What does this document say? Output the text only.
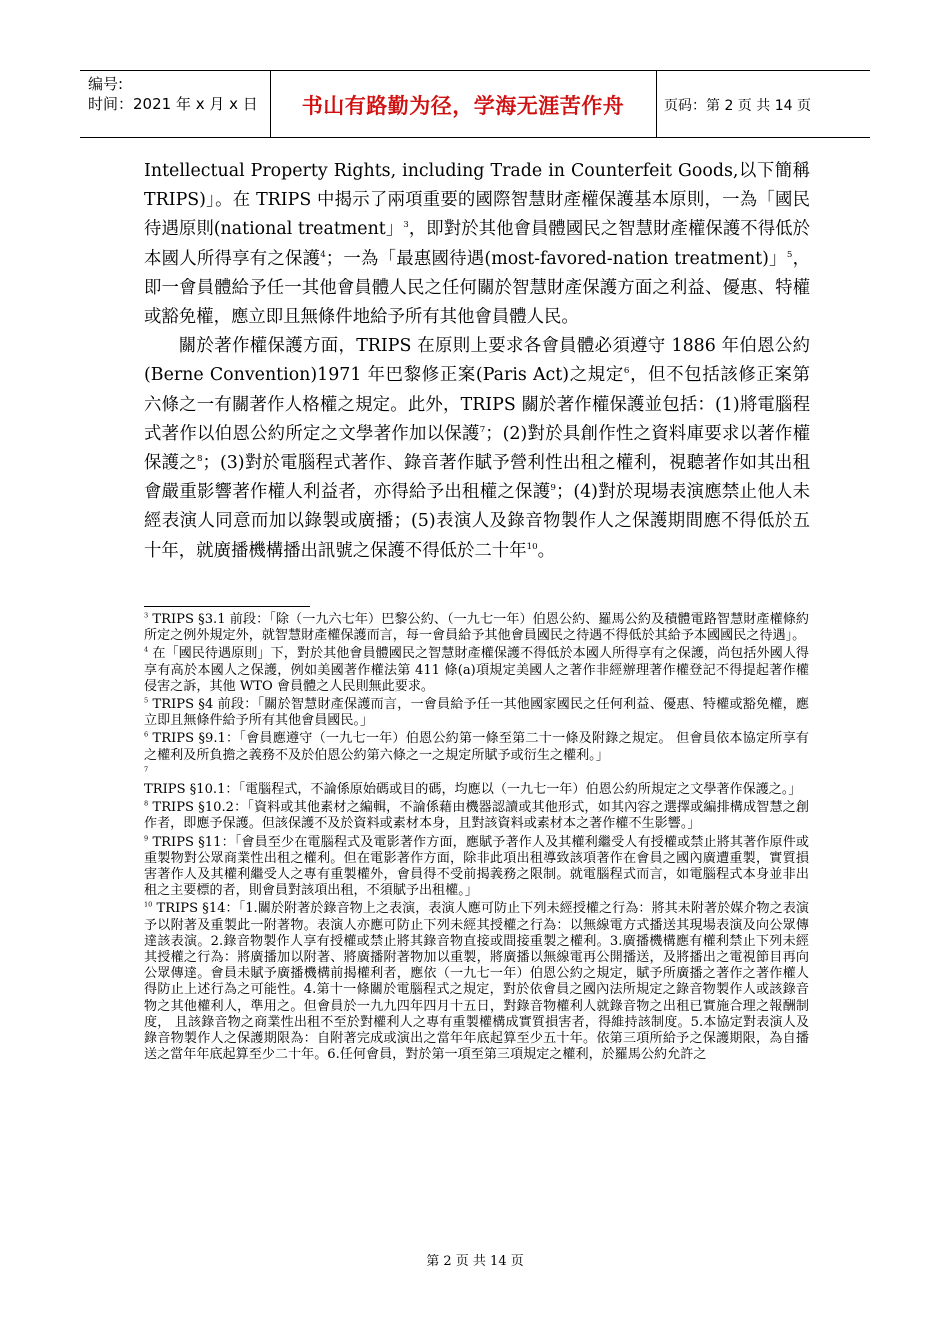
编号:
时间：2021 年 x 月 x 日	书山有路勤为径，学海无涯苦作舟	页码：第 2 页 共 14 页

Intellectual Property Rights, including Trade in Counterfeit Goods,以下簡稱TRIPS)」。在 TRIPS 中揭示了兩項重要的國際智慧財產權保護基本原則，一為「國民待遇原則(national treatment」$^3$，即對於其他會員體國民之智慧財產權保護不得低於本國人所得享有之保護$^4$；一為「最惠國待遇(most-favored-nation treatment)」$^5$，即一會員體給予任一其他會員體人民之任何關於智慧財產保護方面之利益、優惠、特權或豁免權，應立即且無條件地給予所有其他會員體人民。

關於著作權保護方面，TRIPS 在原則上要求各會員體必須遵守 1886 年伯恩公約(Berne Convention)1971 年巴黎修正案(Paris Act)之規定$^6$，但不包括該修正案第六條之一有關著作人格權之規定。此外，TRIPS 關於著作權保護並包括：(1)將電腦程式著作以伯恩公約所定之文學著作加以保護$^7$；(2)對於具創作性之資料庫要求以著作權保護之$^8$；(3)對於電腦程式著作、錄音著作賦予營利性出租之權利，視聽著作如其出租會嚴重影響著作權人利益者，亦得給予出租權之保護$^9$；(4)對於現場表演應禁止他人未經表演人同意而加以錄製或廣播；(5)表演人及錄音物製作人之保護期間應不得低於五十年，就廣播機構播出訊號之保護不得低於二十年$^{10}$。

$^3$ TRIPS §3.1 前段：「除（一九六七年）巴黎公約、（一九七一年）伯恩公約、羅馬公約及積體電路智慧財產權條約所定之例外規定外，就智慧財產權保護而言，每一會員給予其他會員國民之待遇不得低於其給予本國國民之待遇」。

$^4$ 在「國民待遇原則」下，對於其他會員體國民之智慧財產權保護不得低於本國人所得享有之保護，尚包括外國人得享有高於本國人之保護，例如美國著作權法第 411 條(a)項規定美國人之著作非經辦理著作權登記不得提起著作權侵害之訴，其他 WTO 會員體之人民則無此要求。

$^5$ TRIPS §4 前段：「關於智慧財產保護而言，一會員給予任一其他國家國民之任何利益、優惠、特權或豁免權，應立即且無條件給予所有其他會員國民。」

$^6$ TRIPS §9.1：「會員應遵守（一九七一年）伯恩公約第一條至第二十一條及附錄之規定。 但會員依本協定所享有之權利及所負擔之義務不及於伯恩公約第六條之一之規定所賦予或衍生之權利。」

$^7$ TRIPS §10.1：「電腦程式，不論係原始碼或目的碼，均應以（一九七一年）伯恩公約所規定之文學著作保護之。」

$^8$ TRIPS §10.2：「資料或其他素材之編輯，不論係藉由機器認讀或其他形式，如其內容之選擇或編排構成智慧之創作者，即應予保護。但該保護不及於資料或素材本身，且對該資料或素材本之著作權不生影響。」

$^9$ TRIPS §11：「會員至少在電腦程式及電影著作方面，應賦予著作人及其權利繼受人有授權或禁止將其著作原件或重製物對公眾商業性出租之權利。但在電影著作方面，除非此項出租導致該項著作在會員之國內廣遭重製，實質損害著作人及其權利繼受人之專有重製權外，會員得不受前揭義務之限制。就電腦程式而言，如電腦程式本身並非出租之主要標的者，則會員對該項出租，不須賦予出租權。」

$^{10}$ TRIPS §14：「1.關於附著於錄音物上之表演，表演人應可防止下列未經授權之行為：將其未附著於媒介物之表演予以附著及重製此一附著物。表演人亦應可防止下列未經其授權之行為：以無線電方式播送其現場表演及向公眾傳達該表演。2.錄音物製作人享有授權或禁止將其錄音物直接或間接重製之權利。3.廣播機構應有權利禁止下列未經其授權之行為：將廣播加以附著、將廣播附著物加以重製，將廣播以無線電再公開播送，及將播出之電視節目再向公眾傳達。會員未賦予廣播機構前揭權利者，應依（一九七一年）伯恩公約之規定，賦予所廣播之著作之著作權人得防止上述行為之可能性。4.第十一條關於電腦程式之規定，對於依會員之國內法所規定之錄音物製作人或該錄音物之其他權利人，準用之。但會員於一九九四年四月十五日，對錄音物權利人就錄音物之出租已實施合理之報酬制度， 且該錄音物之商業性出租不至於對權利人之專有重製權構成實質損害者，得維持該制度。5.本協定對表演人及錄音物製作人之保護期限為：自附著完成或演出之當年年底起算至少五十年。依第三項所給予之保護期限，為自播送之當年年底起算至少二十年。6.任何會員，對於第一項至第三項規定之權利，於羅馬公約允許之

第 2 页 共 14 页
